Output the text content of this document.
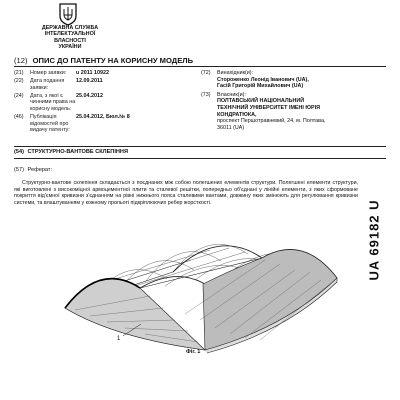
ДЕРЖАВНА СЛУЖБА
ІНТЕЛЕКТУАЛЬНОЇ
ВЛАСНОСТІ
УКРАЇНИ
(12) ОПИС ДО ПАТЕНТУ НА КОРИСНУ МОДЕЛЬ
(21)	Номер заявки:	u 2011 10922
(22)	Дата подання заявки:
12.09.2011
(24)	Дата, з якої є чинними права на корисну модель:
25.04.2012
(46)	Публікація відомостей про видачу патенту:
25.04.2012, Бюл.№ 8
(72)	Винахідник(и):
Стороженко Леонід Іванович (UA),
Гасій Григорій Михайлович (UA)
(73)	Власник(и):
ПОЛТАВСЬКИЙ НАЦІОНАЛЬНИЙ
ТЕХНІЧНИЙ УНІВЕРСИТЕТ ІМЕНІ ЮРІЯ
КОНДРАТЮКА,
проспект Першотравневий, 24, м. Полтава,
36011 (UA)
(54) СТРУКТУРНО-ВАНТОВЕ СКЛЕПІННЯ
(57) Реферат:
Структурно-вантове склепіння складається з поєднаних між собою полегшених елементів структури. Полегшені елементи структури, які виготовлені з високоміцної армоцементної плити та сталевої решітки, попередньо об'єднані у лінійні елементи, з яких сформоване покриття від'ємної кривизни з'єднанням на рівні нижнього пояса сталевими вантами, довжину яких змінюють для регулювання кривизни системи, та влаштуванням у кожному прольоті підкріплюючих ребер жорсткості.	UA 69182 U
1
Фіг. 1
